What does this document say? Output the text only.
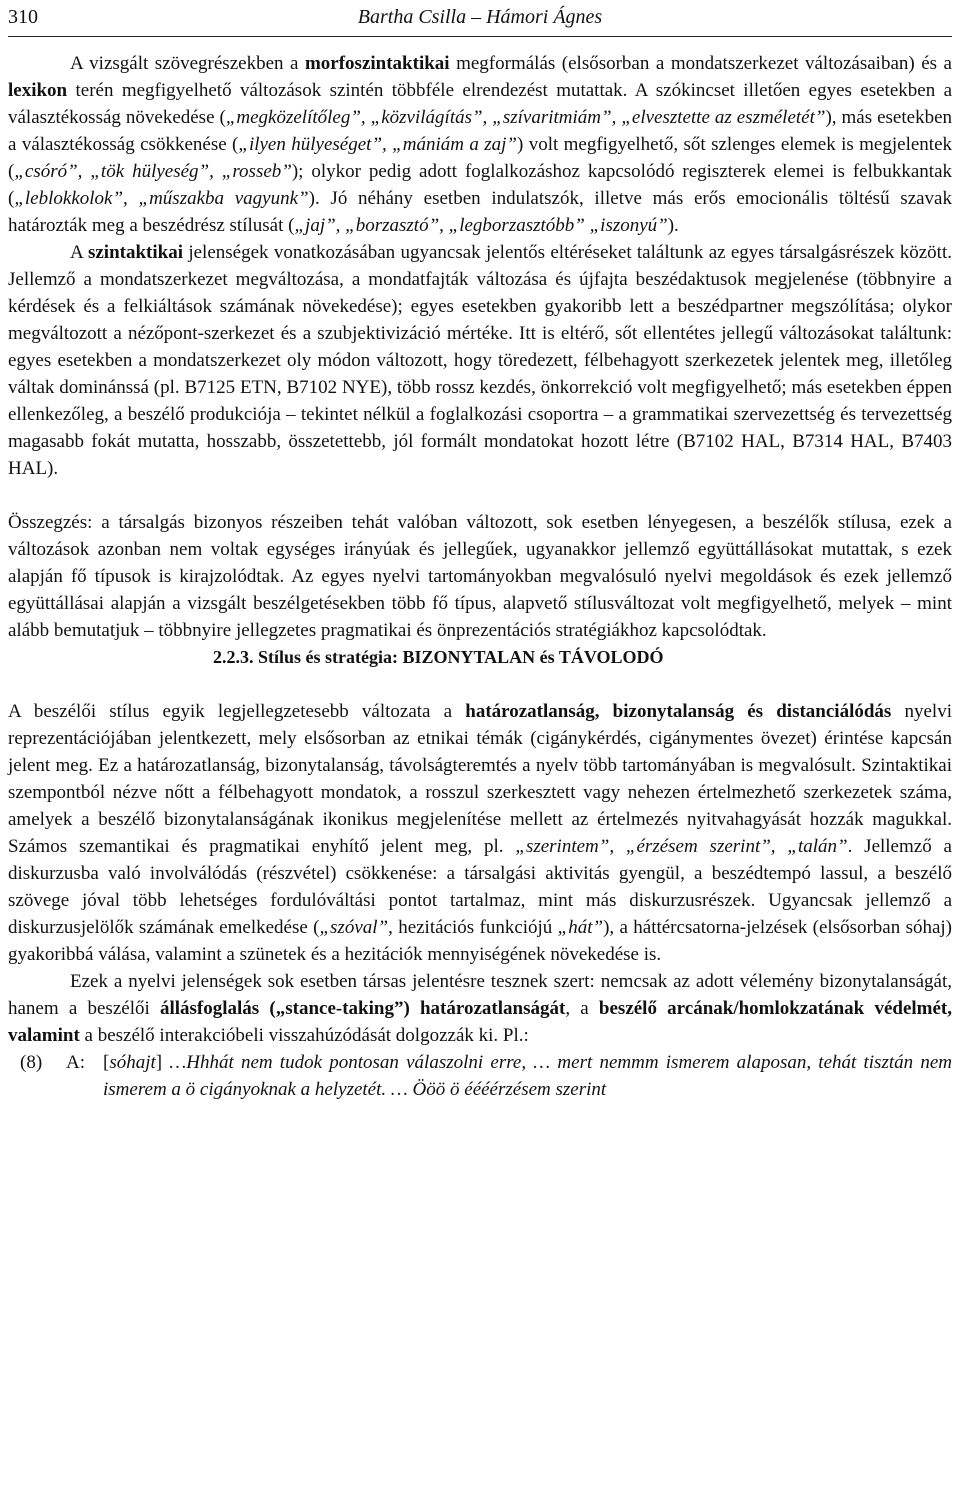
310	Bartha Csilla – Hámori Ágnes

A vizsgált szövegrészekben a morfoszintaktikai megformálás (elsősorban a mondatszerkezet változásaiban) és a lexikon terén megfigyelhető változások szintén többféle elrendezést mutattak. A szókincset illetően egyes esetekben a választékosság növekedése („megközelítőleg”, „közvilágítás”, „szívaritmiám”, „elvesztette az eszméletét”), más esetekben a választékosság csökkenése („ilyen hülyeséget”, „mániám a zaj”) volt megfigyelhető, sőt szlenges elemek is megjelentek („csóró”, „tök hülyeség”, „rosseb”); olykor pedig adott foglalkozáshoz kapcsolódó regiszterek elemei is felbukkantak („leblokkolok”, „műszakba vagyunk”). Jó néhány esetben indulatszók, illetve más erős emocionális töltésű szavak határozták meg a beszédrész stílusát („jaj”, „borzasztó”, „legborzasztóbb” „iszonyú”).

A szintaktikai jelenségek vonatkozásában ugyancsak jelentős eltéréseket találtunk az egyes társalgásrészek között. Jellemző a mondatszerkezet megváltozása, a mondatfajták változása és újfajta beszédaktusok megjelenése (többnyire a kérdések és a felkiáltások számának növekedése); egyes esetekben gyakoribb lett a beszédpartner megszólítása; olykor megváltozott a nézőpont-szerkezet és a szubjektivizáció mértéke. Itt is eltérő, sőt ellentétes jellegű változásokat találtunk: egyes esetekben a mondatszerkezet oly módon változott, hogy töredezett, félbehagyott szerkezetek jelentek meg, illetőleg váltak dominánssá (pl. B7125 ETN, B7102 NYE), több rossz kezdés, önkorrekció volt megfigyelhető; más esetekben éppen ellenkezőleg, a beszélő produkciója – tekintet nélkül a foglalkozási csoportra – a grammatikai szervezettség és tervezettség magasabb fokát mutatta, hosszabb, összetettebb, jól formált mondatokat hozott létre (B7102 HAL, B7314 HAL, B7403 HAL).

Összegzés: a társalgás bizonyos részeiben tehát valóban változott, sok esetben lényegesen, a beszélők stílusa, ezek a változások azonban nem voltak egységes irányúak és jellegűek, ugyanakkor jellemző együttállásokat mutattak, s ezek alapján fő típusok is kirajzolódtak. Az egyes nyelvi tartományokban megvalósuló nyelvi megoldások és ezek jellemző együttállásai alapján a vizsgált beszélgetésekben több fő típus, alapvető stílusváltozat volt megfigyelhető, melyek – mint alább bemutatjuk – többnyire jellegzetes pragmatikai és önprezentációs stratégiákhoz kapcsolódtak.

2.2.3. Stílus és stratégia: BIZONYTALAN és TÁVOLODÓ

A beszélői stílus egyik legjellegzetesebb változata a határozatlanság, bizonytalanság és distanciálódás nyelvi reprezentációjában jelentkezett, mely elsősorban az etnikai témák (cigánykérdés, cigánymentes övezet) érintése kapcsán jelent meg. Ez a határozatlanság, bizonytalanság, távolságteremtés a nyelv több tartományában is megvalósult. Szintaktikai szempontból nézve nőtt a félbehagyott mondatok, a rosszul szerkesztett vagy nehezen értelmezhető szerkezetek száma, amelyek a beszélő bizonytalanságának ikonikus megjelenítése mellett az értelmezés nyitvahagyását hozzák magukkal. Számos szemantikai és pragmatikai enyhítő jelent meg, pl. „szerintem”, „érzésem szerint”, „talán”. Jellemző a diskurzusba való involválódás (részvétel) csökkenése: a társalgási aktivitás gyengül, a beszédtempó lassul, a beszélő szövege jóval több lehetséges fordulóváltási pontot tartalmaz, mint más diskurzusrészek. Ugyancsak jellemző a diskurzusjelölők számának emelkedése („szóval”, hezitációs funkciójú „hát”), a háttércsatorna-jelzések (elsősorban sóhaj) gyakoribbá válása, valamint a szünetek és a hezitációk mennyiségének növekedése is.

Ezek a nyelvi jelenségek sok esetben társas jelentésre tesznek szert: nemcsak az adott vélemény bizonytalanságát, hanem a beszélői állásfoglalás („stance-taking”) határozatlanságát, a beszélő arcának/homlokzatának védelmét, valamint a beszélő interakcióbeli visszahúzódását dolgozzák ki. Pl.:

(8) A: [sóhajt] …Hhhát nem tudok pontosan válaszolni erre, … mert nemmm ismerem alaposan, tehát tisztán nem ismerem a ö cigányoknak a helyzetét. … Ööö ö éééérzésem szerint
